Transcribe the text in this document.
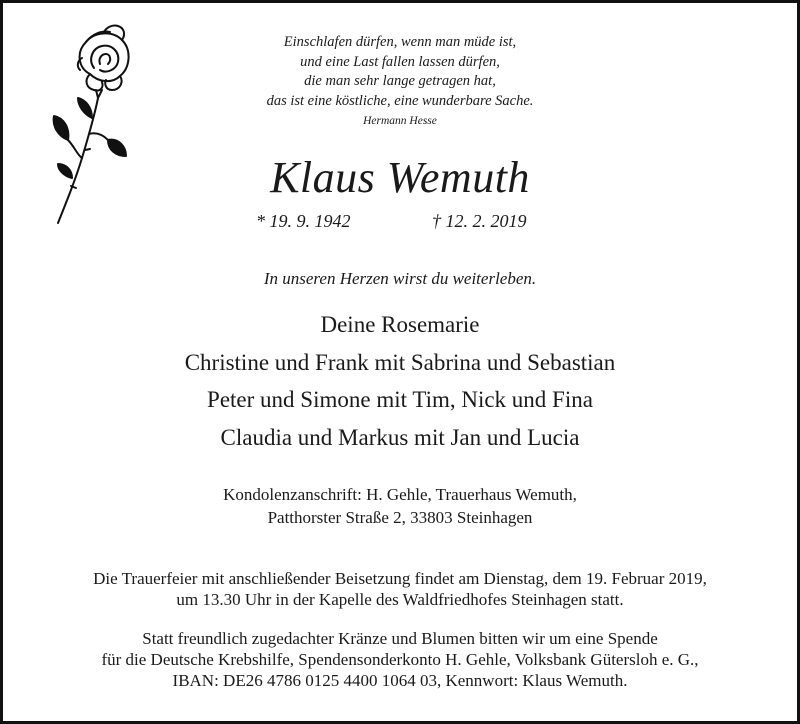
Einschlafen dürfen, wenn man müde ist,
und eine Last fallen lassen dürfen,
die man sehr lange getragen hat,
das ist eine köstliche, eine wunderbare Sache.
Hermann Hesse
Klaus Wemuth
* 19. 9. 1942	† 12. 2. 2019
In unseren Herzen wirst du weiterleben.
Deine Rosemarie
Christine und Frank mit Sabrina und Sebastian
Peter und Simone mit Tim, Nick und Fina
Claudia und Markus mit Jan und Lucia
Kondolenzanschrift: H. Gehle, Trauerhaus Wemuth,
Patthorster Straße 2, 33803 Steinhagen
Die Trauerfeier mit anschließender Beisetzung findet am Dienstag, dem 19. Februar 2019,
um 13.30 Uhr in der Kapelle des Waldfriedhofes Steinhagen statt.
Statt freundlich zugedachter Kränze und Blumen bitten wir um eine Spende
für die Deutsche Krebshilfe, Spendensonderkonto H. Gehle, Volksbank Gütersloh e. G.,
IBAN: DE26 4786 0125 4400 1064 03, Kennwort: Klaus Wemuth.
